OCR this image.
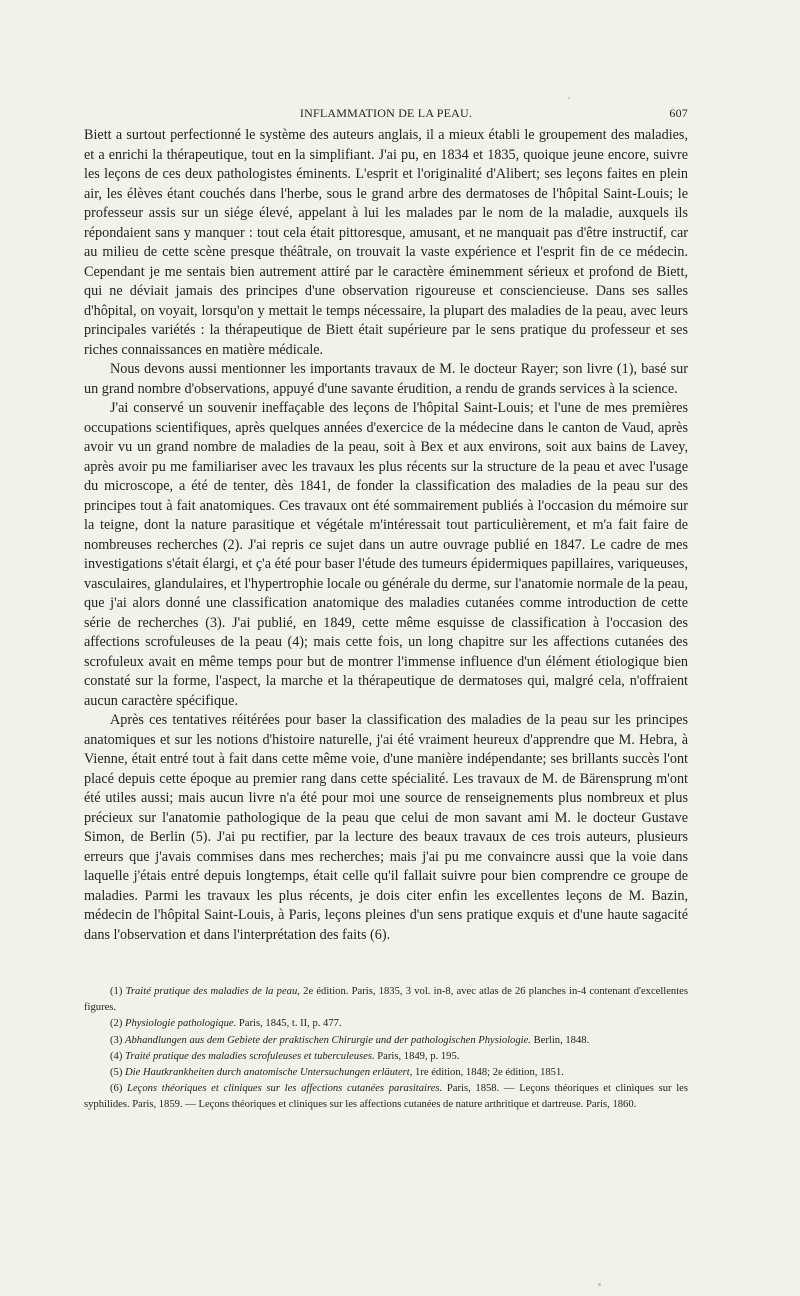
INFLAMMATION DE LA PEAU.	607

Biett a surtout perfectionné le système des auteurs anglais, il a mieux établi le groupement des maladies, et a enrichi la thérapeutique, tout en la simplifiant. J'ai pu, en 1834 et 1835, quoique jeune encore, suivre les leçons de ces deux pathologistes éminents. L'esprit et l'originalité d'Alibert; ses leçons faites en plein air, les élèves étant couchés dans l'herbe, sous le grand arbre des dermatoses de l'hôpital Saint-Louis; le professeur assis sur un siége élevé, appelant à lui les malades par le nom de la maladie, auxquels ils répondaient sans y manquer : tout cela était pittoresque, amusant, et ne manquait pas d'être instructif, car au milieu de cette scène presque théâtrale, on trouvait la vaste expérience et l'esprit fin de ce médecin. Cependant je me sentais bien autrement attiré par le caractère éminemment sérieux et profond de Biett, qui ne déviait jamais des principes d'une observation rigoureuse et consciencieuse. Dans ses salles d'hôpital, on voyait, lorsqu'on y mettait le temps nécessaire, la plupart des maladies de la peau, avec leurs principales variétés : la thérapeutique de Biett était supérieure par le sens pratique du professeur et ses riches connaissances en matière médicale.

Nous devons aussi mentionner les importants travaux de M. le docteur Rayer; son livre (1), basé sur un grand nombre d'observations, appuyé d'une savante érudition, a rendu de grands services à la science.

J'ai conservé un souvenir ineffaçable des leçons de l'hôpital Saint-Louis; et l'une de mes premières occupations scientifiques, après quelques années d'exercice de la médecine dans le canton de Vaud, après avoir vu un grand nombre de maladies de la peau, soit à Bex et aux environs, soit aux bains de Lavey, après avoir pu me familiariser avec les travaux les plus récents sur la structure de la peau et avec l'usage du microscope, a été de tenter, dès 1841, de fonder la classification des maladies de la peau sur des principes tout à fait anatomiques. Ces travaux ont été sommairement publiés à l'occasion du mémoire sur la teigne, dont la nature parasitique et végétale m'intéressait tout particulièrement, et m'a fait faire de nombreuses recherches (2). J'ai repris ce sujet dans un autre ouvrage publié en 1847. Le cadre de mes investigations s'était élargi, et ç'a été pour baser l'étude des tumeurs épidermiques papillaires, variqueuses, vasculaires, glandulaires, et l'hypertrophie locale ou générale du derme, sur l'anatomie normale de la peau, que j'ai alors donné une classification anatomique des maladies cutanées comme introduction de cette série de recherches (3). J'ai publié, en 1849, cette même esquisse de classification à l'occasion des affections scrofuleuses de la peau (4); mais cette fois, un long chapitre sur les affections cutanées des scrofuleux avait en même temps pour but de montrer l'immense influence d'un élément étiologique bien constaté sur la forme, l'aspect, la marche et la thérapeutique de dermatoses qui, malgré cela, n'offraient aucun caractère spécifique.

Après ces tentatives réitérées pour baser la classification des maladies de la peau sur les principes anatomiques et sur les notions d'histoire naturelle, j'ai été vraiment heureux d'apprendre que M. Hebra, à Vienne, était entré tout à fait dans cette même voie, d'une manière indépendante; ses brillants succès l'ont placé depuis cette époque au premier rang dans cette spécialité. Les travaux de M. de Bärensprung m'ont été utiles aussi; mais aucun livre n'a été pour moi une source de renseignements plus nombreux et plus précieux sur l'anatomie pathologique de la peau que celui de mon savant ami M. le docteur Gustave Simon, de Berlin (5). J'ai pu rectifier, par la lecture des beaux travaux de ces trois auteurs, plusieurs erreurs que j'avais commises dans mes recherches; mais j'ai pu me convaincre aussi que la voie dans laquelle j'étais entré depuis longtemps, était celle qu'il fallait suivre pour bien comprendre ce groupe de maladies. Parmi les travaux les plus récents, je dois citer enfin les excellentes leçons de M. Bazin, médecin de l'hôpital Saint-Louis, à Paris, leçons pleines d'un sens pratique exquis et d'une haute sagacité dans l'observation et dans l'interprétation des faits (6).

(1) Traité pratique des maladies de la peau, 2e édition. Paris, 1835, 3 vol. in-8, avec atlas de 26 planches in-4 contenant d'excellentes figures.

(2) Physiologie pathologique. Paris, 1845, t. II, p. 477.

(3) Abhandlungen aus dem Gebiete der praktischen Chirurgie und der pathologischen Physiologie. Berlin, 1848.

(4) Traité pratique des maladies scrofuleuses et tuberculeuses. Paris, 1849, p. 195.

(5) Die Hautkrankheiten durch anatomische Untersuchungen erläutert, 1re édition, 1848; 2e édition, 1851.

(6) Leçons théoriques et cliniques sur les affections cutanées parasitaires. Paris, 1858. — Leçons théoriques et cliniques sur les syphilides. Paris, 1859. — Leçons théoriques et cliniques sur les affections cutanées de nature arthritique et dartreuse. Paris, 1860.
